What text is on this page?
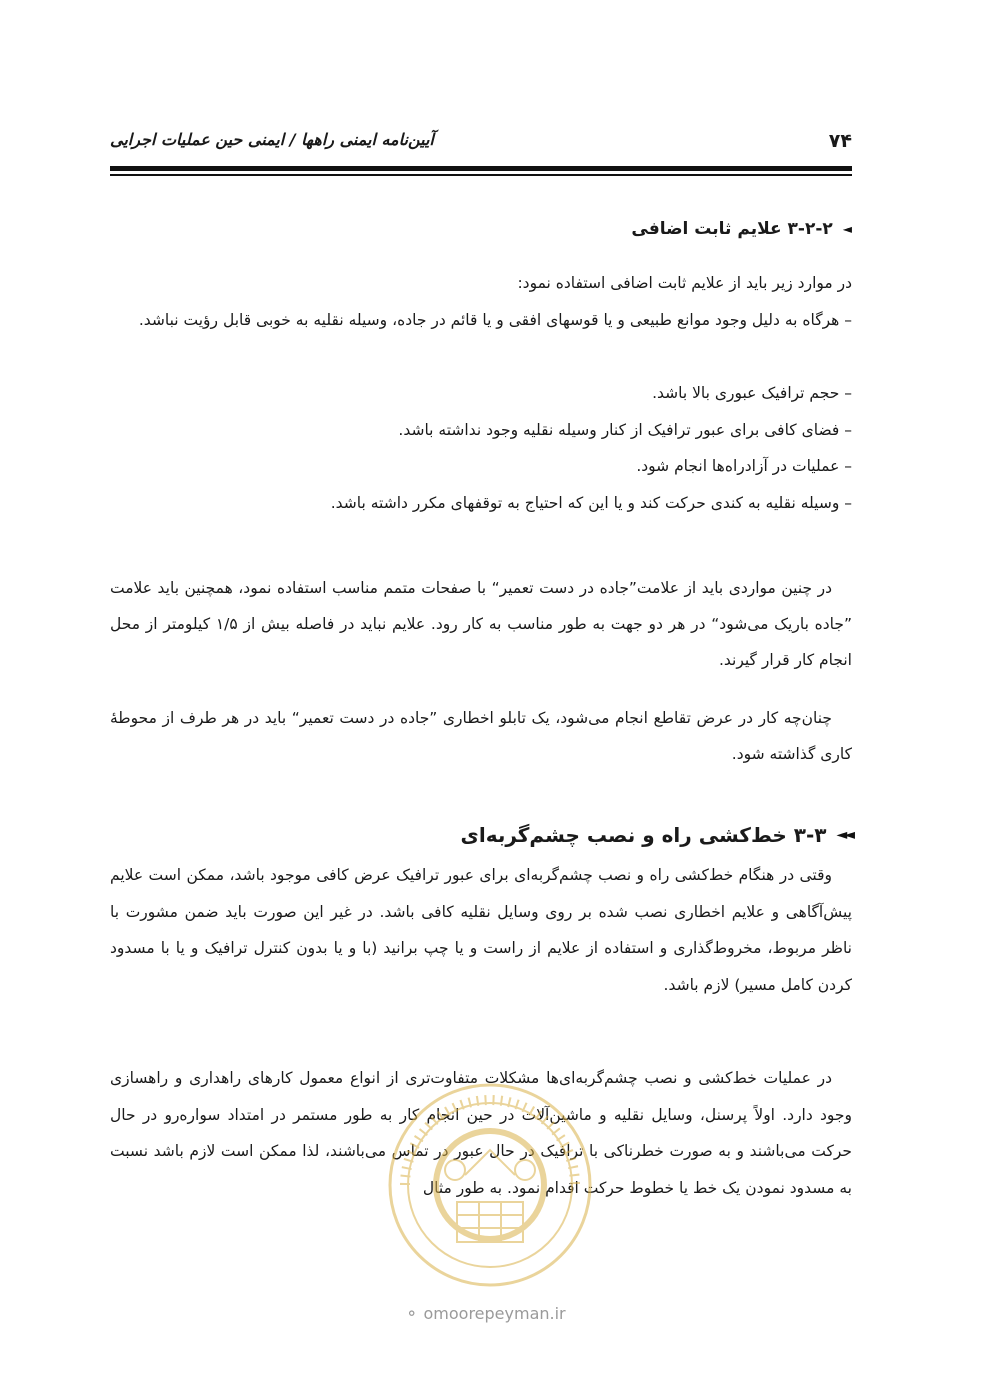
۷۴
آیین‌نامه ایمنی راهها / ایمنی حین عملیات اجرایی
◄
۳-۲-۲ علایم ثابت اضافی
در موارد زیر باید از علایم ثابت اضافی استفاده نمود:
– هرگاه به دلیل وجود موانع طبیعی و یا قوسهای افقی و یا قائم در جاده، وسیله نقلیه به خوبی قابل رؤیت نباشد.
– حجم ترافیک عبوری بالا باشد.
– فضای کافی برای عبور ترافیک از کنار وسیله نقلیه وجود نداشته باشد.
– عملیات در آزادراه‌ها انجام شود.
– وسیله نقلیه به کندی حرکت کند و یا این که احتیاج به توقفهای مکرر داشته باشد.
در چنین مواردی باید از علامت”جاده در دست تعمیر“ با صفحات متمم مناسب استفاده نمود، همچنین باید علامت ”جاده باریک می‌شود“ در هر دو جهت به طور مناسب به کار رود. علایم نباید در فاصله بیش از ۱/۵ کیلومتر از محل انجام کار قرار گیرند.
چنان‌چه کار در عرض تقاطع انجام می‌شود، یک تابلو اخطاری ”جاده در دست تعمیر“ باید در هر طرف از محوطهٔ کاری گذاشته شود.
◄◄
۳-۳ خط‌کشی راه و نصب چشم‌گربه‌ای
وقتی در هنگام خط‌کشی راه و نصب چشم‌گربه‌ای برای عبور ترافیک عرض کافی موجود باشد، ممکن است علایم پیش‌آگاهی و علایم اخطاری نصب شده بر روی وسایل نقلیه کافی باشد. در غیر این صورت باید ضمن مشورت با ناظر مربوط، مخروط‌گذاری و استفاده از علایم از راست و یا چپ برانید (با و یا بدون کنترل ترافیک و یا با مسدود کردن کامل مسیر) لازم باشد.
در عملیات خط‌کشی و نصب چشم‌گربه‌ای‌ها مشکلات متفاوت‌تری از انواع معمول کارهای راهداری و راهسازی وجود دارد. اولاً پرسنل، وسایل نقلیه و ماشین‌آلات در حین انجام کار به طور مستمر در امتداد سواره‌رو در حال حرکت می‌باشند و به صورت خطرناکی با ترافیک در حال عبور در تماس می‌باشند، لذا ممکن است لازم باشد نسبت به مسدود نمودن یک خط یا خطوط حرکت اقدام نمود. به طور مثال
⚬ omoorepeyman.ir
